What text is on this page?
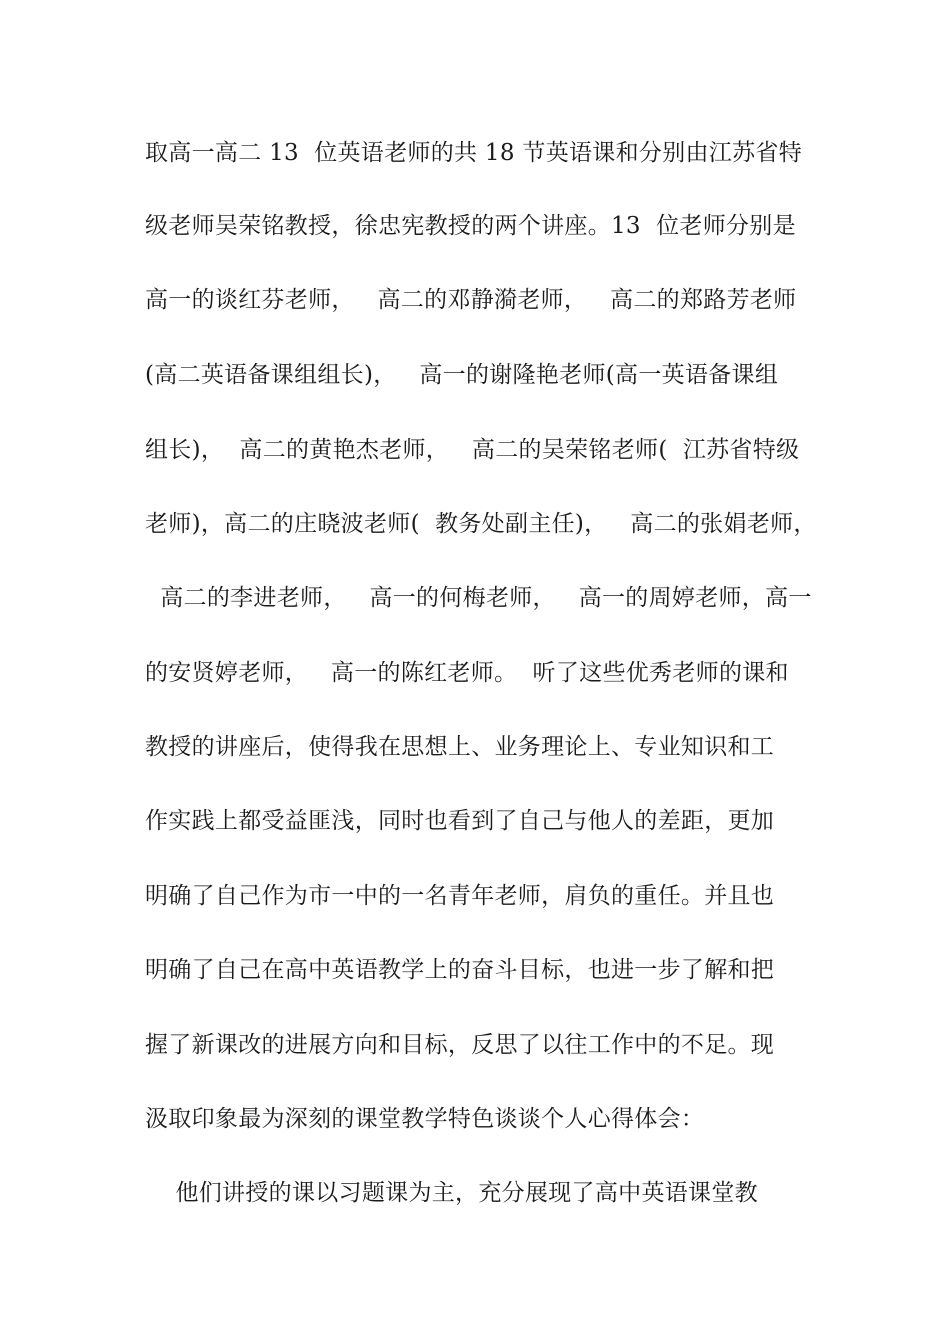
取高一高二 13  位英语老师的共 18 节英语课和分别由江苏省特
级老师吴荣铭教授，徐忠宪教授的两个讲座。13  位老师分别是
高一的谈红芬老师，   高二的邓静漪老师，   高二的郑路芳老师
(高二英语备课组组长)，   高一的谢隆艳老师(高一英语备课组
组长)，  高二的黄艳杰老师，   高二的吴荣铭老师(  江苏省特级
老师)，高二的庄晓波老师(  教务处副主任)，   高二的张娟老师，
高二的李进老师，   高一的何梅老师，   高一的周婷老师，高一
的安贤婷老师，   高一的陈红老师。  听了这些优秀老师的课和
教授的讲座后，使得我在思想上、业务理论上、专业知识和工
作实践上都受益匪浅，同时也看到了自己与他人的差距，更加
明确了自己作为市一中的一名青年老师，肩负的重任。并且也
明确了自己在高中英语教学上的奋斗目标，也进一步了解和把
握了新课改的进展方向和目标，反思了以往工作中的不足。现
汲取印象最为深刻的课堂教学特色谈谈个人心得体会：
他们讲授的课以习题课为主，充分展现了高中英语课堂教
